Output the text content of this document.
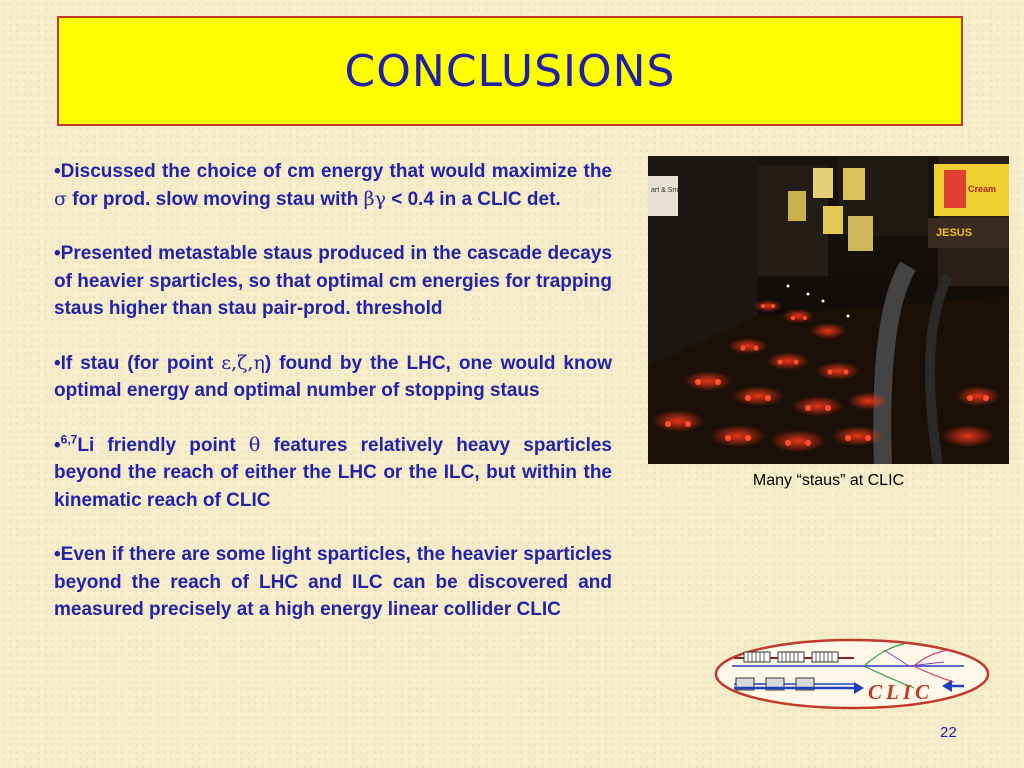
CONCLUSIONS

•Discussed the choice of cm energy that would maximize the σ for prod. slow moving stau with βγ < 0.4 in a CLIC det.

•Presented metastable staus produced in the cascade decays of heavier sparticles, so that optimal cm energies for trapping staus higher than stau pair-prod. threshold

•If stau (for point ε,ζ,η) found by the LHC, one would know optimal energy and optimal number of stopping staus

•$^{6,7}$Li friendly point θ features relatively heavy sparticles beyond the reach of either the LHC or the ILC, but within the kinematic reach of CLIC

•Even if there are some light sparticles, the heavier sparticles beyond the reach of LHC and ILC can be discovered and measured precisely at a high energy linear collider CLIC

art & Sm	Cream
JESUS
Many “staus” at CLIC
CLIC
22
